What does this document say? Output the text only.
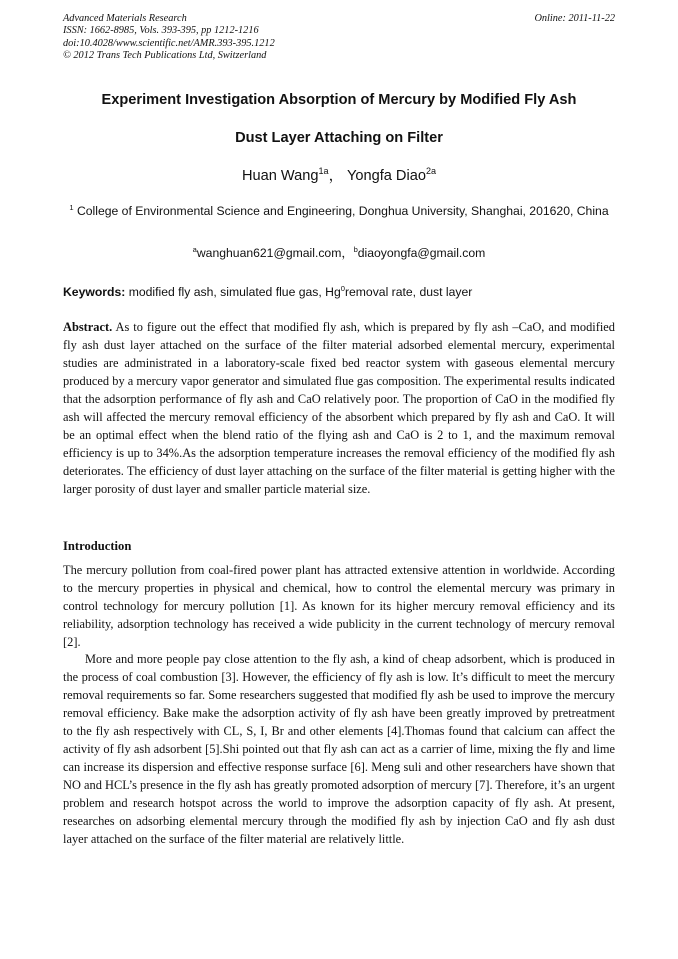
Advanced Materials Research
ISSN: 1662-8985, Vols. 393-395, pp 1212-1216
doi:10.4028/www.scientific.net/AMR.393-395.1212
© 2012 Trans Tech Publications Ltd, Switzerland
Online: 2011-11-22
Experiment Investigation Absorption of Mercury by Modified Fly Ash
Dust Layer Attaching on Filter
Huan Wang$^{1a}$， Yongfa Diao$^{2a}$
$^1$ College of Environmental Science and Engineering, Donghua University, Shanghai, 201620, China
$^a$wanghuan621@gmail.com，$^b$diaoyongfa@gmail.com
Keywords: modified fly ash, simulated flue gas, Hg$^0$removal rate, dust layer

Abstract. As to figure out the effect that modified fly ash, which is prepared by fly ash –CaO, and modified fly ash dust layer attached on the surface of the filter material adsorbed elemental mercury, experimental studies are administrated in a laboratory-scale fixed bed reactor system with gaseous elemental mercury produced by a mercury vapor generator and simulated flue gas composition. The experimental results indicated that the adsorption performance of fly ash and CaO relatively poor. The proportion of CaO in the modified fly ash will affected the mercury removal efficiency of the absorbent which prepared by fly ash and CaO. It will be an optimal effect when the blend ratio of the flying ash and CaO is 2 to 1, and the maximum removal efficiency is up to 34%.As the adsorption temperature increases the removal efficiency of the modified fly ash deteriorates. The efficiency of dust layer attaching on the surface of the filter material is getting higher with the larger porosity of dust layer and smaller particle material size.

Introduction

The mercury pollution from coal-fired power plant has attracted extensive attention in worldwide. According to the mercury properties in physical and chemical, how to control the elemental mercury was primary in control technology for mercury pollution [1]. As known for its higher mercury removal efficiency and its reliability, adsorption technology has received a wide publicity in the current technology of mercury removal [2].

More and more people pay close attention to the fly ash, a kind of cheap adsorbent, which is produced in the process of coal combustion [3]. However, the efficiency of fly ash is low. It’s difficult to meet the mercury removal requirements so far. Some researchers suggested that modified fly ash be used to improve the mercury removal efficiency. Bake make the adsorption activity of fly ash have been greatly improved by pretreatment to the fly ash respectively with CL, S, I, Br and other elements [4].Thomas found that calcium can affect the activity of fly ash adsorbent [5].Shi pointed out that fly ash can act as a carrier of lime, mixing the fly and lime can increase its dispersion and effective response surface [6]. Meng suli and other researchers have shown that NO and HCL’s presence in the fly ash has greatly promoted adsorption of mercury [7]. Therefore, it’s an urgent problem and research hotspot across the world to improve the adsorption capacity of fly ash. At present, researches on adsorbing elemental mercury through the modified fly ash by injection CaO and fly ash dust layer attached on the surface of the filter material are relatively little.
